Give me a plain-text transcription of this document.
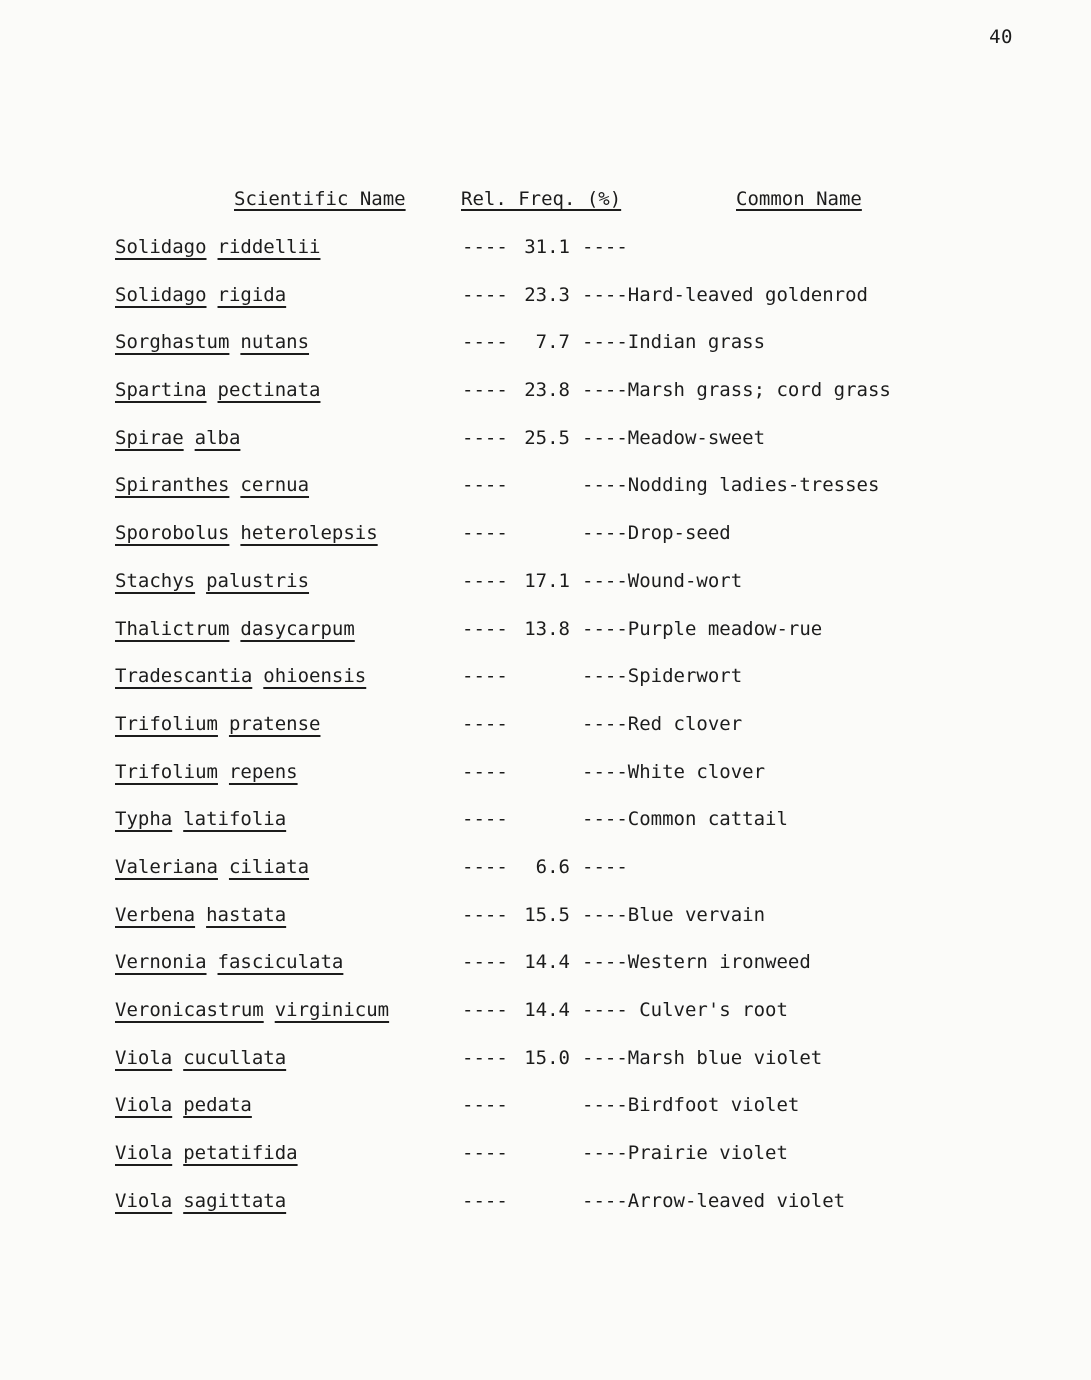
40
Scientific Name	Rel. Freq. (%)	Common Name
Solidago riddellii	---- 31.1 ----
Solidago rigida	---- 23.3 ----Hard-leaved goldenrod
Sorghastum nutans	----	7.7 ----Indian grass
Spartina pectinata	---- 23.8 ----Marsh grass; cord grass
Spirae alba	---- 25.5 ----Meadow-sweet
Spiranthes cernua	----	----Nodding ladies-tresses
Sporobolus heterolepsis	----	----Drop-seed
Stachys palustris	---- 17.1 ----Wound-wort
Thalictrum dasycarpum	---- 13.8 ----Purple meadow-rue
Tradescantia ohioensis	----	----Spiderwort
Trifolium pratense	----	----Red clover
Trifolium repens	----	----White clover
Typha latifolia	----	----Common cattail
Valeriana ciliata	----	6.6 ----
Verbena hastata	---- 15.5 ----Blue vervain
Vernonia fasciculata	---- 14.4 ----Western ironweed
Veronicastrum virginicum	---- 14.4 ---- Culver's root
Viola cucullata	---- 15.0 ----Marsh blue violet
Viola pedata	----	----Birdfoot violet
Viola petatifida	----	----Prairie violet
Viola sagittata	----	----Arrow-leaved violet
